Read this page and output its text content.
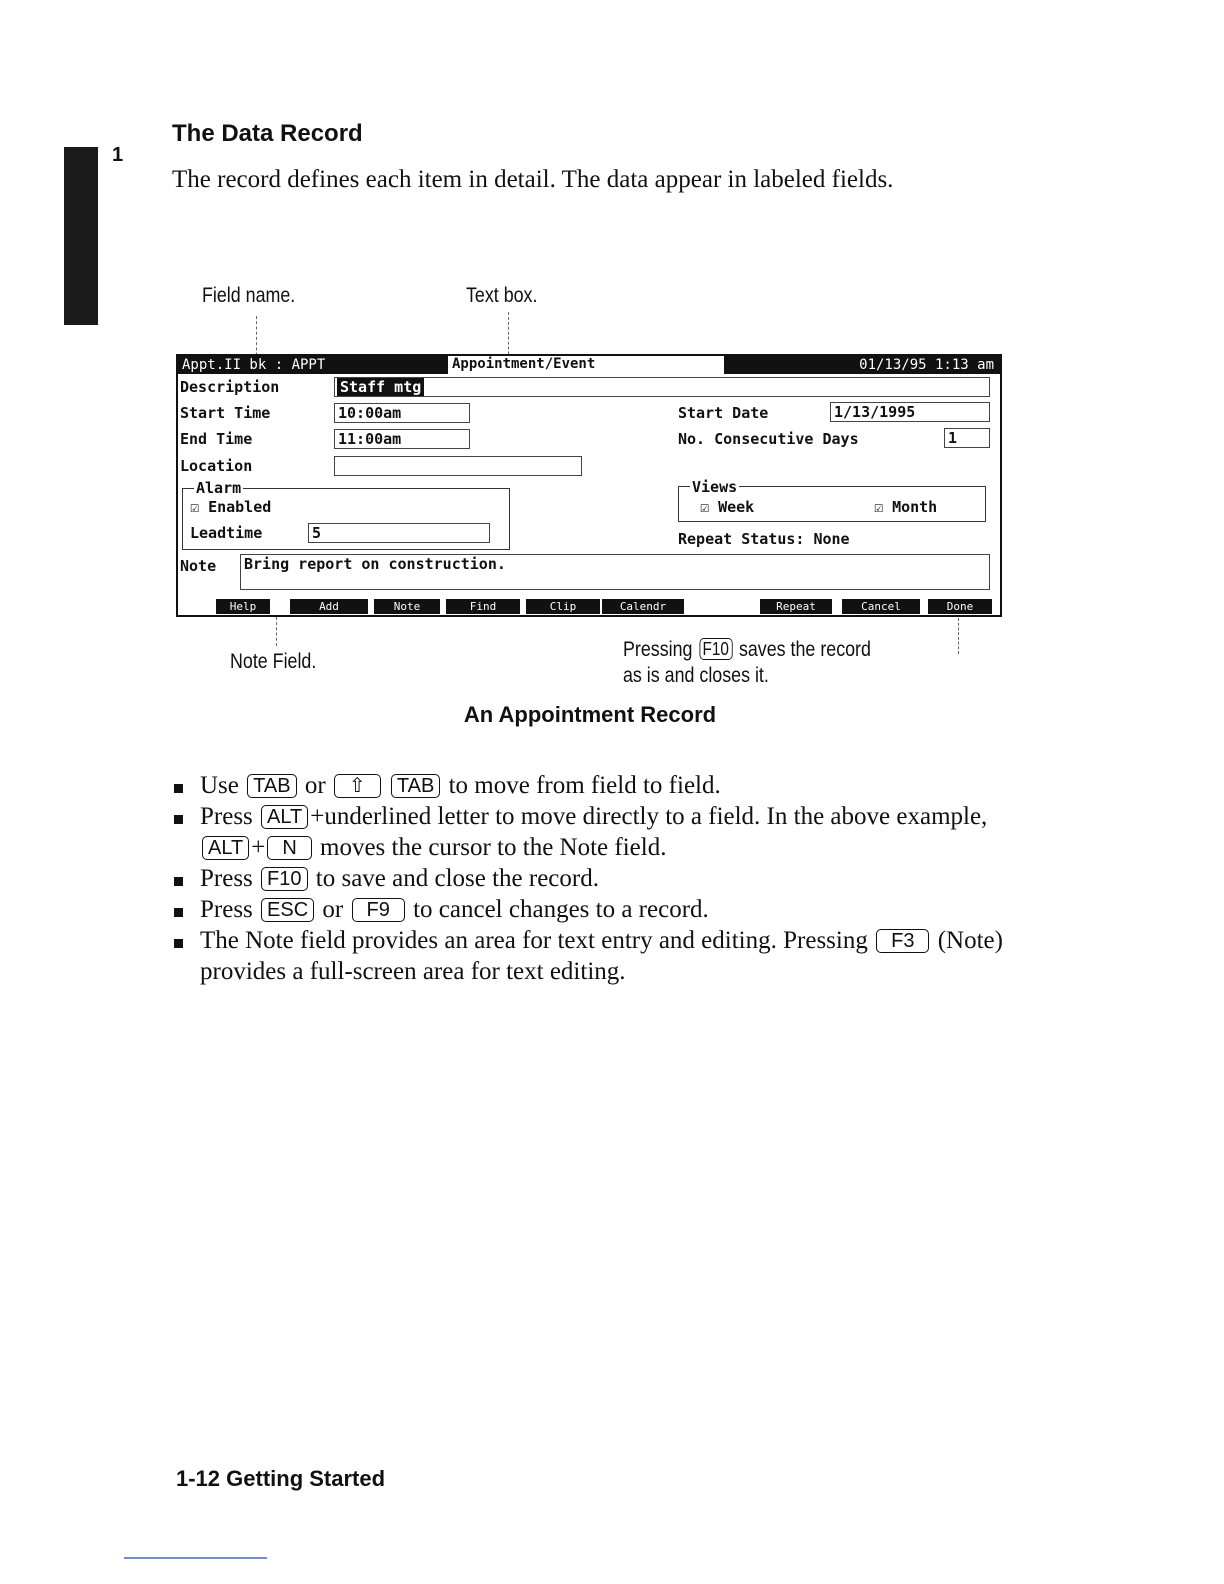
1
The Data Record
The record defines each item in detail. The data appear in labeled fields.
Field name.	Text box.
Appt.II bk : APPT	Appointment/Event	01/13/95 1:13 am
Description	Staff mtg
Start Time	10:00am	Start Date	1/13/1995
End Time	11:00am	No. Consecutive Days	1
Location
Alarm
☑ Enabled
Leadtime	5
Views
☑ Week	☑ Month
Repeat Status: None
Note Bring report on construction.
Help	Add	Note	Find	Clip	Calendr	Repeat	Cancel	Done
Note Field.
Pressing F10 saves the record
as is and closes it.
An Appointment Record
Use TAB or ⇧ TAB to move from field to field.
Press ALT +underlined letter to move directly to a field. In the above example, ALT + N moves the cursor to the Note field.
Press F10 to save and close the record.
Press ESC or F9 to cancel changes to a record.
The Note field provides an area for text entry and editing. Pressing F3 (Note) provides a full-screen area for text editing.
1-12 Getting Started
